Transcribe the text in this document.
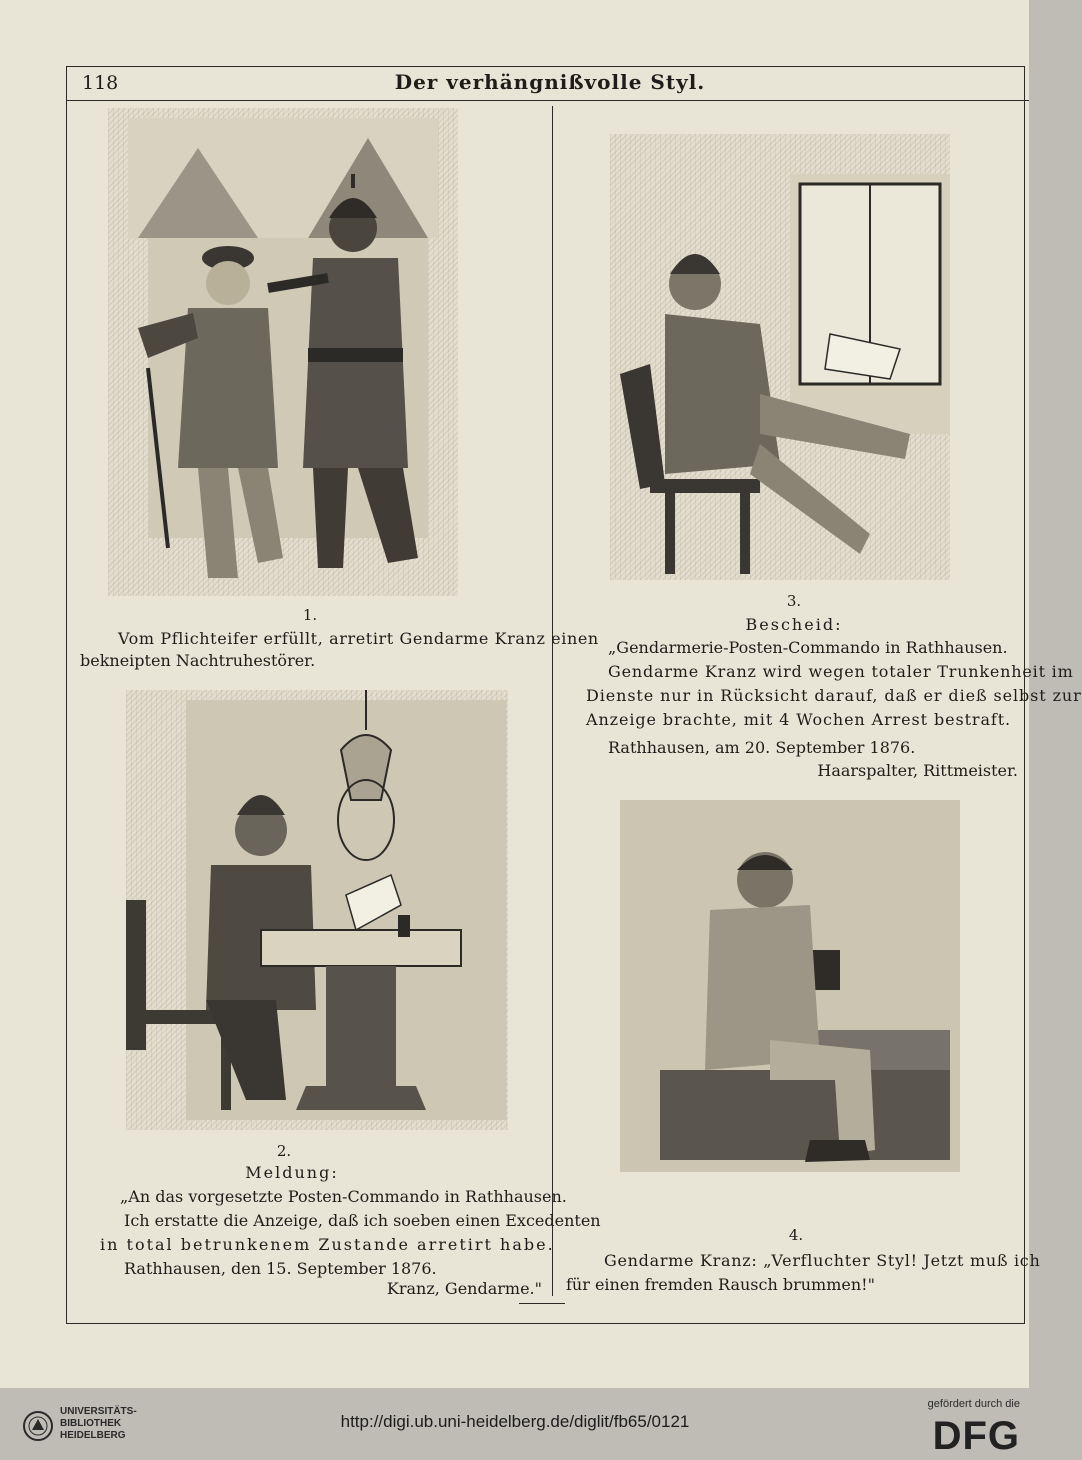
118	Der verhängnißvolle Styl.
1.
Vom Pflichteifer erfüllt, arretirt Gendarme Kranz einen
bekneipten Nachtruhestörer.
2.
Meldung:
„An das vorgesetzte Posten-Commando in Rathhausen.
Ich erstatte die Anzeige, daß ich soeben einen Excedenten
in total betrunkenem Zustande arretirt habe.
Rathhausen, den 15. September 1876.
Kranz, Gendarme."
3.
Bescheid:
„Gendarmerie-Posten-Commando in Rathhausen.
Gendarme Kranz wird wegen totaler Trunkenheit im
Dienste nur in Rücksicht darauf, daß er dieß selbst zur
Anzeige brachte, mit 4 Wochen Arrest bestraft.
Rathhausen, am 20. September 1876.
Haarspalter, Rittmeister.
4.
Gendarme Kranz: „Verfluchter Styl! Jetzt muß ich
für einen fremden Rausch brummen!"
UNIVERSITÄTS-
BIBLIOTHEK
HEIDELBERG
http://digi.ub.uni-heidelberg.de/diglit/fb65/0121
gefördert durch die
DFG
